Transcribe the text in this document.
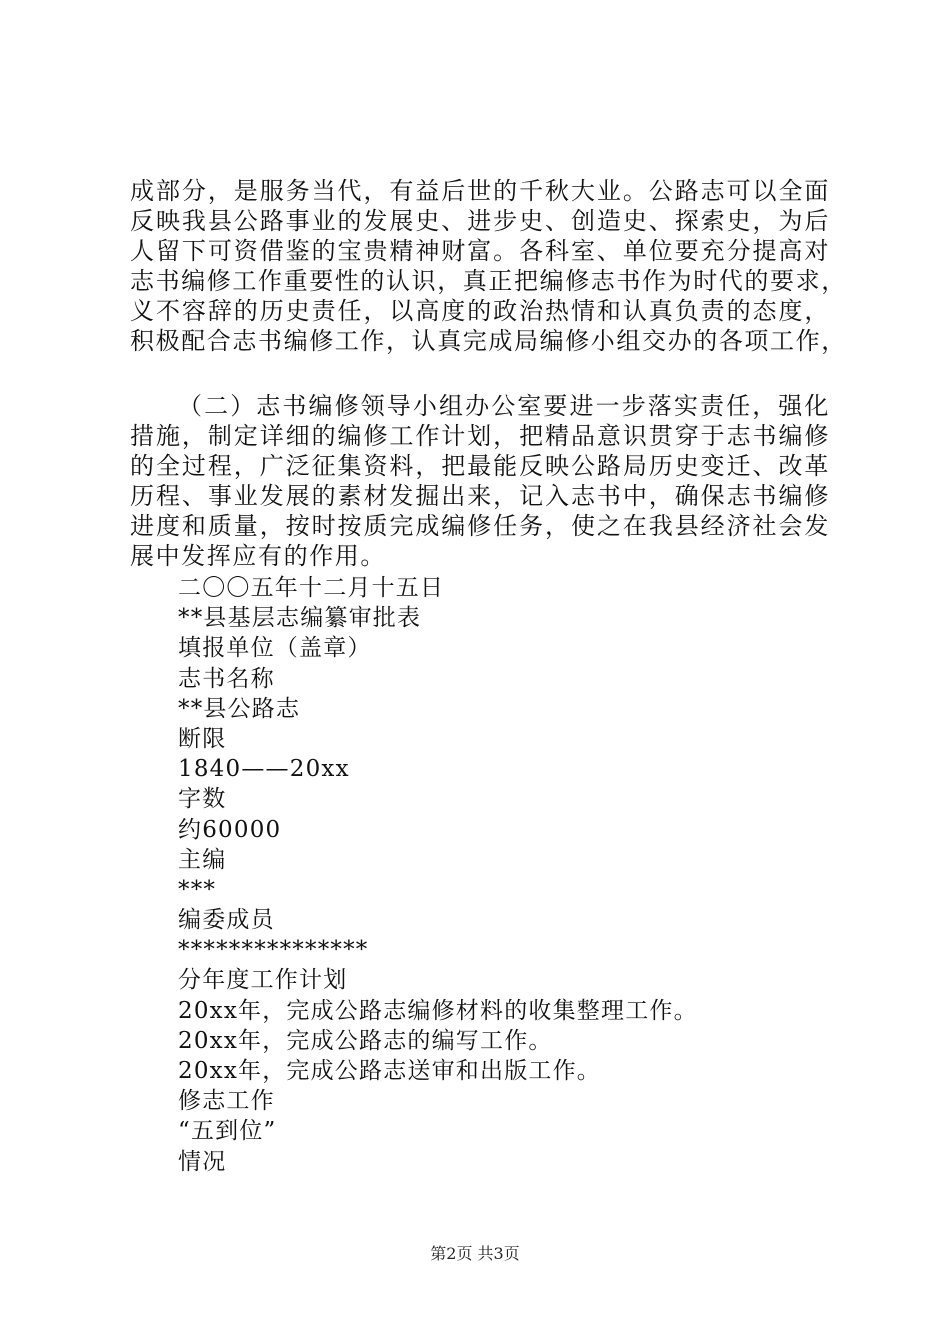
成部分，是服务当代，有益后世的千秋大业。公路志可以全面
反映我县公路事业的发展史、进步史、创造史、探索史，为后
人留下可资借鉴的宝贵精神财富。各科室、单位要充分提高对
志书编修工作重要性的认识，真正把编修志书作为时代的要求，
义不容辞的历史责任，以高度的政治热情和认真负责的态度，
积极配合志书编修工作，认真完成局编修小组交办的各项工作，

（二）志书编修领导小组办公室要进一步落实责任，强化
措施，制定详细的编修工作计划，把精品意识贯穿于志书编修
的全过程，广泛征集资料，把最能反映公路局历史变迁、改革
历程、事业发展的素材发掘出来，记入志书中，确保志书编修
进度和质量，按时按质完成编修任务，使之在我县经济社会发
展中发挥应有的作用。

二〇〇五年十二月十五日
**县基层志编纂审批表
填报单位（盖章）
志书名称
**县公路志
断限
1840——20xx
字数
约60000
主编
***
编委成员
***************
分年度工作计划
20xx年，完成公路志编修材料的收集整理工作。
20xx年，完成公路志的编写工作。
20xx年，完成公路志送审和出版工作。
修志工作
“五到位”
情况
第2页 共3页
